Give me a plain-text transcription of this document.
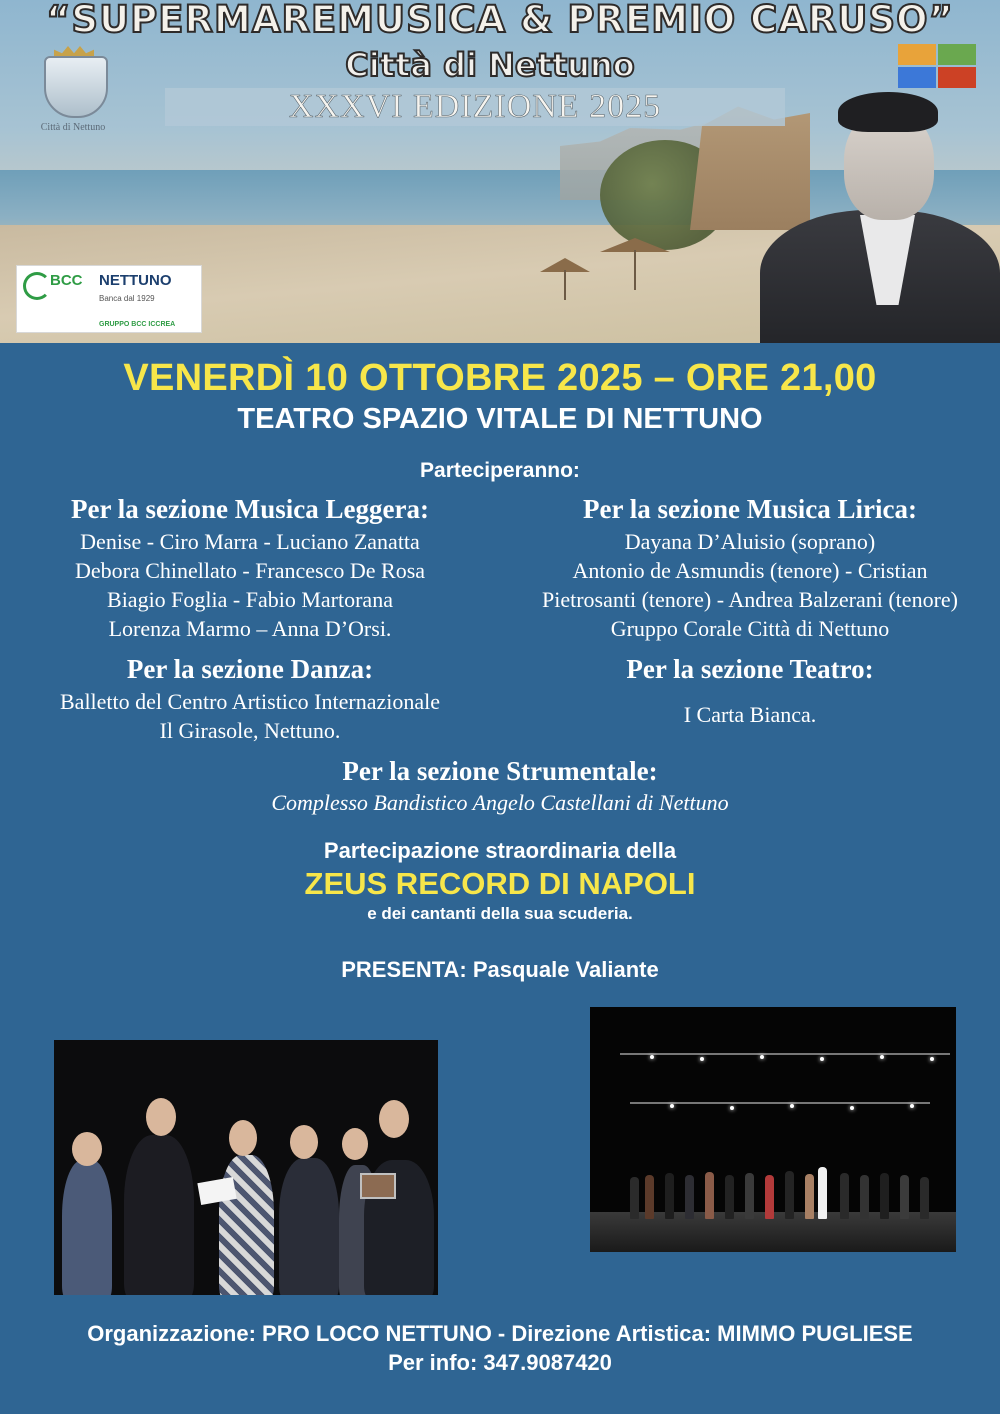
Città di Nettuno
“SUPERMAREMUSICA & PREMIO CARUSO”
Città di Nettuno
XXXVI EDIZIONE 2025
BCC NETTUNO
Banca dal 1929
GRUPPO BCC ICCREA
VENERDÌ 10 OTTOBRE 2025 – ORE 21,00
TEATRO SPAZIO VITALE DI NETTUNO
Parteciperanno:
Per la sezione Musica Leggera:
Denise - Ciro Marra - Luciano Zanatta
Debora Chinellato - Francesco De Rosa
Biagio Foglia - Fabio Martorana
Lorenza Marmo – Anna D’Orsi.
Per la sezione Musica Lirica:
Dayana D’Aluisio (soprano)
Antonio de Asmundis (tenore) - Cristian
Pietrosanti (tenore) - Andrea Balzerani (tenore)
Gruppo Corale Città di Nettuno
Per la sezione Danza:
Balletto del Centro Artistico Internazionale
Il Girasole, Nettuno.
Per la sezione Teatro:
I Carta Bianca.
Per la sezione Strumentale:
Complesso Bandistico Angelo Castellani di Nettuno
Partecipazione straordinaria della
ZEUS RECORD DI NAPOLI
e dei cantanti della sua scuderia.
PRESENTA: Pasquale Valiante
Organizzazione: PRO LOCO NETTUNO - Direzione Artistica: MIMMO PUGLIESE
Per info: 347.9087420
